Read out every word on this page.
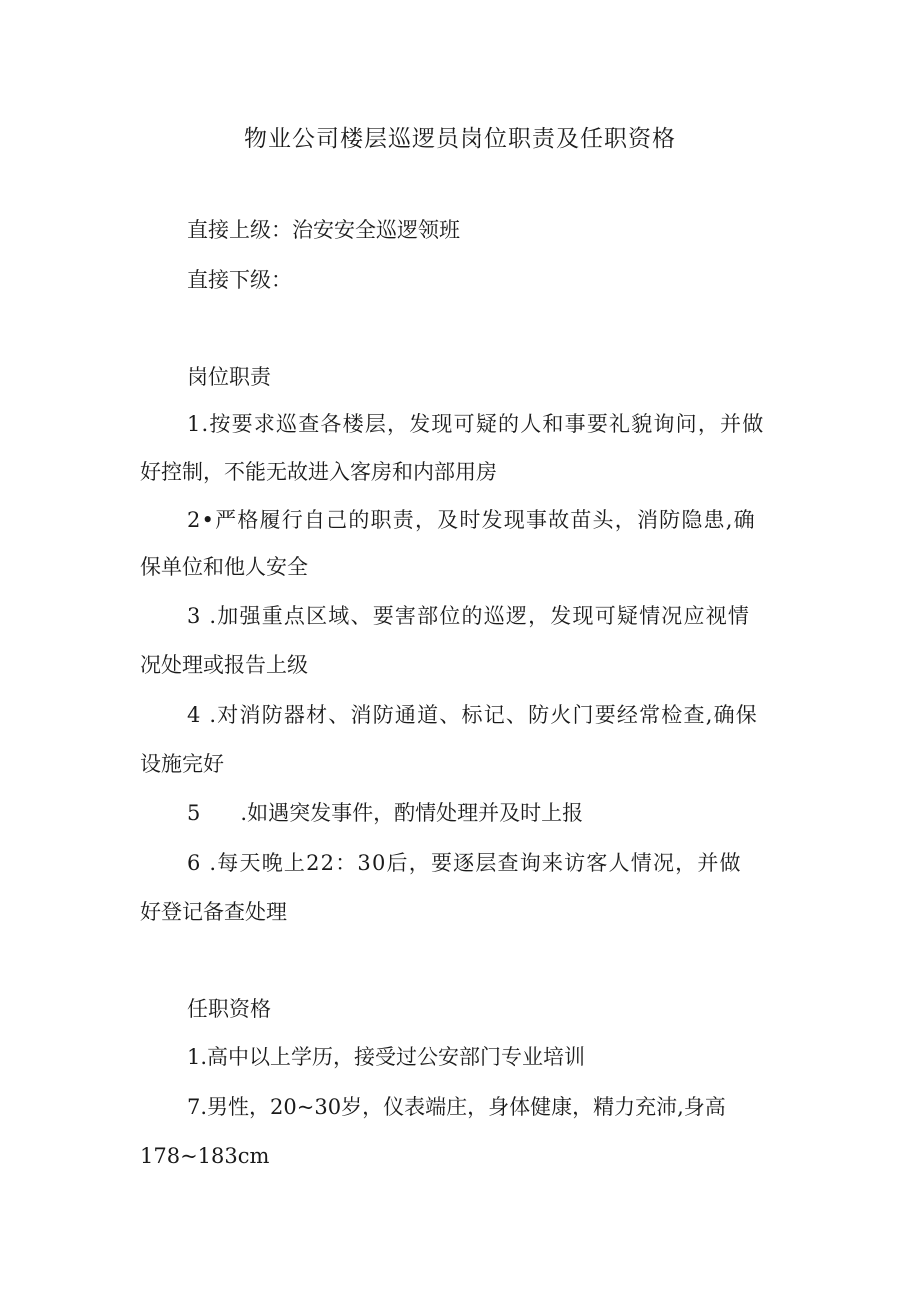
物业公司楼层巡逻员岗位职责及任职资格
直接上级：治安安全巡逻领班
直接下级：
岗位职责
1.按要求巡查各楼层，发现可疑的人和事要礼貌询问，并做
好控制，不能无故进入客房和内部用房
2•严格履行自己的职责，及时发现事故苗头，消防隐患,确
保单位和他人安全
3 .加强重点区域、要害部位的巡逻，发现可疑情况应视情
况处理或报告上级
4 .对消防器材、消防通道、标记、防火门要经常检查,确保
设施完好
5      .如遇突发事件，酌情处理并及时上报
6 .每天晚上22：30后，要逐层查询来访客人情况，并做
好登记备查处理
任职资格
1.高中以上学历，接受过公安部门专业培训
7.男性，20~30岁，仪表端庄，身体健康，精力充沛,身高
178~183cm
